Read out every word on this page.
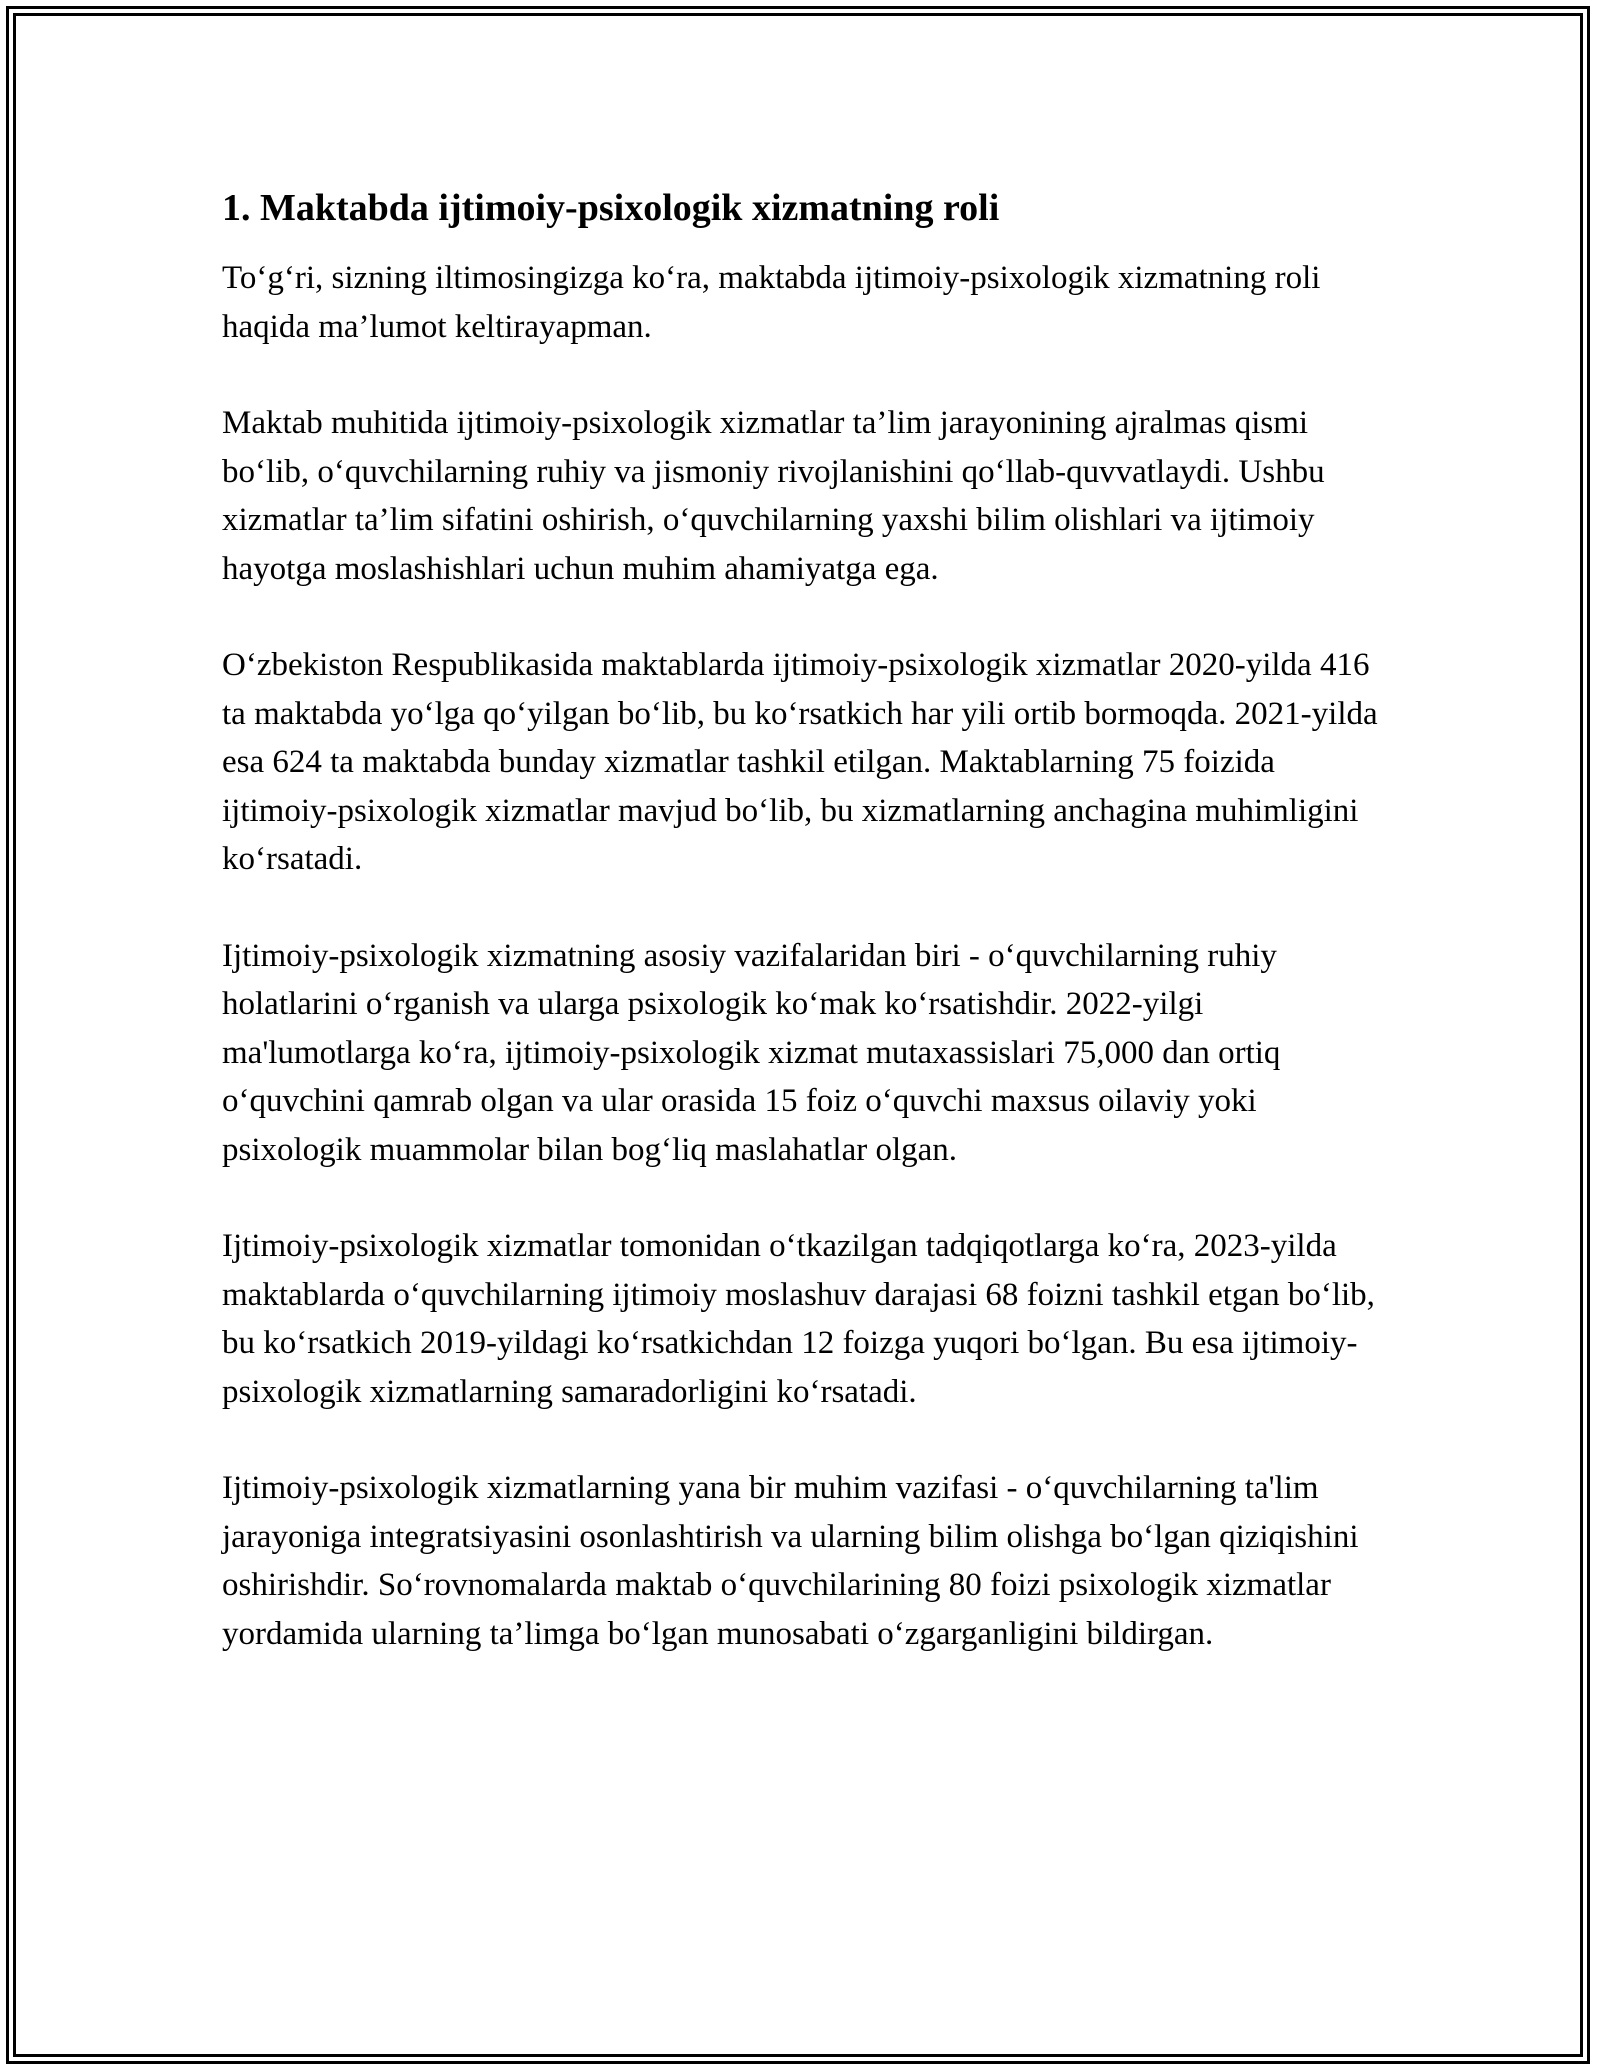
1. Maktabda ijtimoiy-psixologik xizmatning roli

To‘g‘ri, sizning iltimosingizga ko‘ra, maktabda ijtimoiy-psixologik xizmatning roli haqida ma’lumot keltirayapman.

Maktab muhitida ijtimoiy-psixologik xizmatlar ta’lim jarayonining ajralmas qismi bo‘lib, o‘quvchilarning ruhiy va jismoniy rivojlanishini qo‘llab-quvvatlaydi. Ushbu xizmatlar ta’lim sifatini oshirish, o‘quvchilarning yaxshi bilim olishlari va ijtimoiy hayotga moslashishlari uchun muhim ahamiyatga ega.

O‘zbekiston Respublikasida maktablarda ijtimoiy-psixologik xizmatlar 2020-yilda 416 ta maktabda yo‘lga qo‘yilgan bo‘lib, bu ko‘rsatkich har yili ortib bormoqda. 2021-yilda esa 624 ta maktabda bunday xizmatlar tashkil etilgan. Maktablarning 75 foizida ijtimoiy-psixologik xizmatlar mavjud bo‘lib, bu xizmatlarning anchagina muhimligini ko‘rsatadi.

Ijtimoiy-psixologik xizmatning asosiy vazifalaridan biri - o‘quvchilarning ruhiy holatlarini o‘rganish va ularga psixologik ko‘mak ko‘rsatishdir. 2022-yilgi ma'lumotlarga ko‘ra, ijtimoiy-psixologik xizmat mutaxassislari 75,000 dan ortiq o‘quvchini qamrab olgan va ular orasida 15 foiz o‘quvchi maxsus oilaviy yoki psixologik muammolar bilan bog‘liq maslahatlar olgan.

Ijtimoiy-psixologik xizmatlar tomonidan o‘tkazilgan tadqiqotlarga ko‘ra, 2023-yilda maktablarda o‘quvchilarning ijtimoiy moslashuv darajasi 68 foizni tashkil etgan bo‘lib, bu ko‘rsatkich 2019-yildagi ko‘rsatkichdan 12 foizga yuqori bo‘lgan. Bu esa ijtimoiy-psixologik xizmatlarning samaradorligini ko‘rsatadi.

Ijtimoiy-psixologik xizmatlarning yana bir muhim vazifasi - o‘quvchilarning ta'lim jarayoniga integratsiyasini osonlashtirish va ularning bilim olishga bo‘lgan qiziqishini oshirishdir. So‘rovnomalarda maktab o‘quvchilarining 80 foizi psixologik xizmatlar yordamida ularning ta’limga bo‘lgan munosabati o‘zgarganligini bildirgan.
